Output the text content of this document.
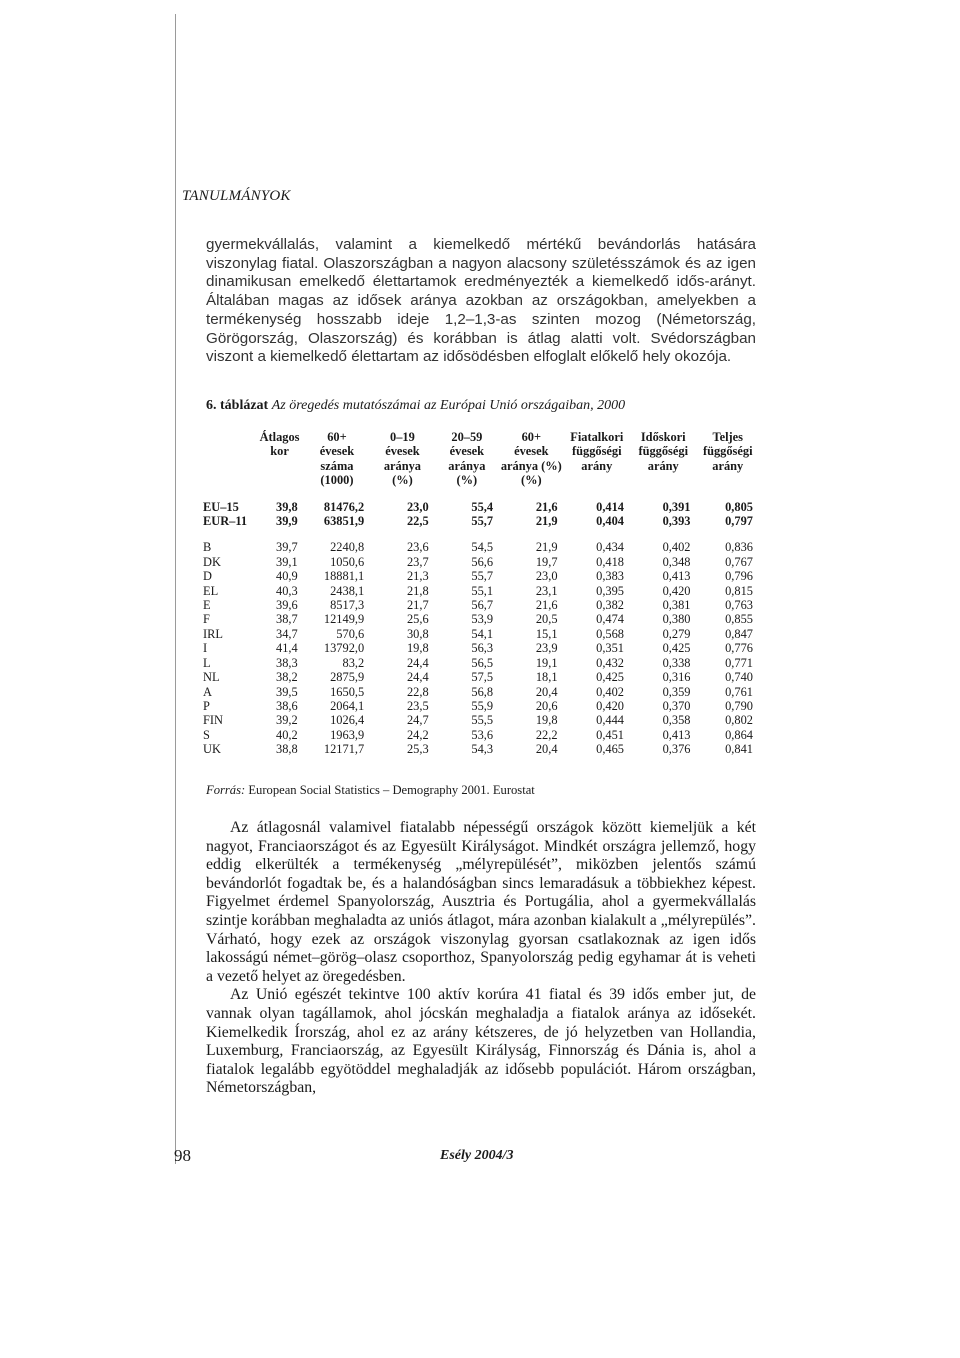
TANULMÁNYOK
gyermekvállalás, valamint a kiemelkedő mértékű bevándorlás hatására viszonylag fiatal. Olaszországban a nagyon alacsony születésszámok és az igen dinamikusan emelkedő élettartamok eredményezték a kiemelkedő idős-arányt. Általában magas az idősek aránya azokban az országokban, amelyekben a termékenység hosszabb ideje 1,2–1,3-as szinten mozog (Németország, Görögország, Olaszország) és korábban is átlag alatti volt. Svédországban viszont a kiemelkedő élettartam az idősödésben elfoglalt előkelő hely okozója.
6. táblázat Az öregedés mutatószámai az Európai Unió országaiban, 2000
	Átlagos	60+	0–19	20–59	60+	Fiatalkori	Időskori	Teljes
	kor	évesek	évesek	évesek	évesek	függőségi	függőségi	függőségi
		száma	aránya	aránya	aránya (%)	arány	arány	arány
		(1000)	(%)	(%)	(%)			

EU–15	39,8	81476,2	23,0	55,4	21,6	0,414	0,391	0,805
EUR–11	39,9	63851,9	22,5	55,7	21,9	0,404	0,393	0,797

B	39,7	2240,8	23,6	54,5	21,9	0,434	0,402	0,836
DK	39,1	1050,6	23,7	56,6	19,7	0,418	0,348	0,767
D	40,9	18881,1	21,3	55,7	23,0	0,383	0,413	0,796
EL	40,3	2438,1	21,8	55,1	23,1	0,395	0,420	0,815
E	39,6	8517,3	21,7	56,7	21,6	0,382	0,381	0,763
F	38,7	12149,9	25,6	53,9	20,5	0,474	0,380	0,855
IRL	34,7	570,6	30,8	54,1	15,1	0,568	0,279	0,847
I	41,4	13792,0	19,8	56,3	23,9	0,351	0,425	0,776
L	38,3	83,2	24,4	56,5	19,1	0,432	0,338	0,771
NL	38,2	2875,9	24,4	57,5	18,1	0,425	0,316	0,740
A	39,5	1650,5	22,8	56,8	20,4	0,402	0,359	0,761
P	38,6	2064,1	23,5	55,9	20,6	0,420	0,370	0,790
FIN	39,2	1026,4	24,7	55,5	19,8	0,444	0,358	0,802
S	40,2	1963,9	24,2	53,6	22,2	0,451	0,413	0,864
UK	38,8	12171,7	25,3	54,3	20,4	0,465	0,376	0,841
Forrás: European Social Statistics – Demography 2001. Eurostat

Az átlagosnál valamivel fiatalabb népességű országok között kiemeljük a két nagyot, Franciaországot és az Egyesült Királyságot. Mindkét országra jellemző, hogy eddig elkerülték a termékenység „mélyrepülését”, miközben jelentős számú bevándorlót fogadtak be, és a halandóságban sincs lemaradásuk a többiekhez képest. Figyelmet érdemel Spanyolország, Ausztria és Portugália, ahol a gyermekvállalás szintje korábban meghaladta az uniós átlagot, mára azonban kialakult a „mélyrepülés”. Várható, hogy ezek az országok viszonylag gyorsan csatlakoznak az igen idős lakosságú német–görög–olasz csoporthoz, Spanyolország pedig egyhamar át is veheti a vezető helyet az öregedésben.

Az Unió egészét tekintve 100 aktív korúra 41 fiatal és 39 idős ember jut, de vannak olyan tagállamok, ahol jócskán meghaladja a fiatalok aránya az idősekét. Kiemelkedik Írország, ahol ez az arány kétszeres, de jó helyzetben van Hollandia, Luxemburg, Franciaország, az Egyesült Királyság, Finnország és Dánia is, ahol a fiatalok legalább egyötöddel meghaladják az idősebb populációt. Három országban, Németországban,

98	Esély 2004/3
